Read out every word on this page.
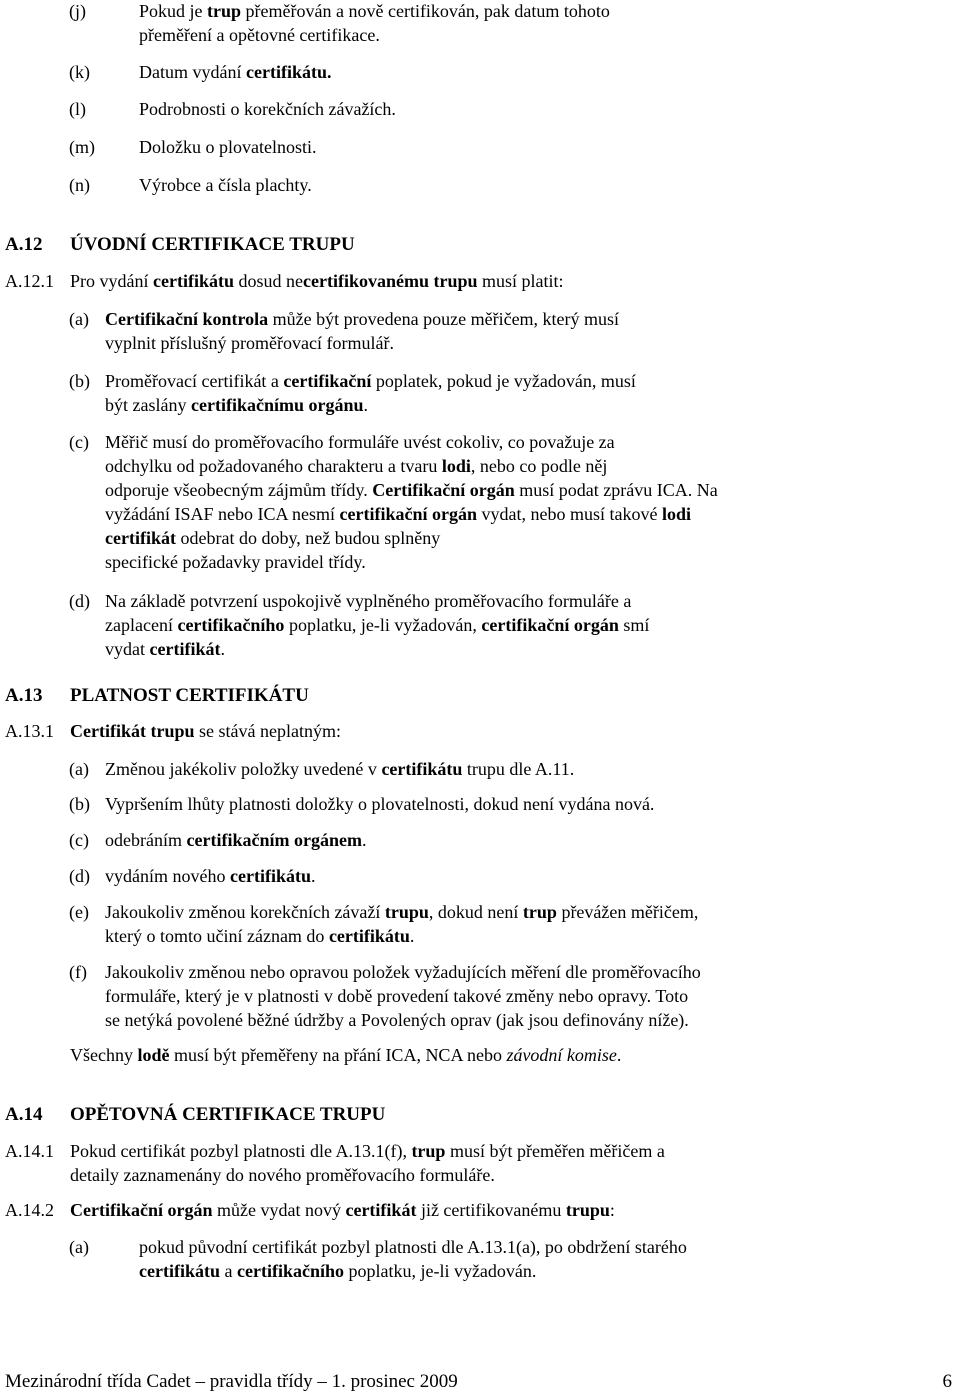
(j)	Pokud je trup přeměřován a nově certifikován, pak datum tohoto
přeměření a opětovné certifikace.
(k)	Datum vydání certifikátu.
(l)	Podrobnosti o korekčních závažích.
(m) Doložku o plovatelnosti.
(n)	Výrobce a čísla plachty.
A.12 ÚVODNÍ CERTIFIKACE TRUPU
A.12.1 Pro vydání certifikátu dosud necertifikovanému trupu musí platit:
(a) Certifikační kontrola může být provedena pouze měřičem, který musí
vyplnit příslušný proměřovací formulář.
(b) Proměřovací certifikát a certifikační poplatek, pokud je vyžadován, musí
být zaslány certifikačnímu orgánu.
(c) Měřič musí do proměřovacího formuláře uvést cokoliv, co považuje za
odchylku od požadovaného charakteru a tvaru lodi, nebo co podle něj
odporuje všeobecným zájmům třídy. Certifikační orgán musí podat zprávu ICA. Na
vyžádání ISAF nebo ICA nesmí certifikační orgán vydat, nebo musí takové lodi
certifikát odebrat do doby, než budou splněny
specifické požadavky pravidel třídy.
(d) Na základě potvrzení uspokojivě vyplněného proměřovacího formuláře a
zaplacení certifikačního poplatku, je-li vyžadován, certifikační orgán smí
vydat certifikát.
A.13 PLATNOST CERTIFIKÁTU
A.13.1 Certifikát trupu se stává neplatným:
(a) Změnou jakékoliv položky uvedené v certifikátu trupu dle A.11.
(b) Vypršením lhůty platnosti doložky o plovatelnosti, dokud není vydána nová.
(c) odebráním certifikačním orgánem.
(d) vydáním nového certifikátu.
(e) Jakoukoliv změnou korekčních závaží trupu, dokud není trup převážen měřičem,
který o tomto učiní záznam do certifikátu.
(f) Jakoukoliv změnou nebo opravou položek vyžadujících měření dle proměřovacího
formuláře, který je v platnosti v době provedení takové změny nebo opravy. Toto
se netýká povolené běžné údržby a Povolených oprav (jak jsou definovány níže).
Všechny lodě musí být přeměřeny na přání ICA, NCA nebo závodní komise.
A.14 OPĚTOVNÁ CERTIFIKACE TRUPU
A.14.1 Pokud certifikát pozbyl platnosti dle A.13.1(f), trup musí být přeměřen měřičem a
detaily zaznamenány do nového proměřovacího formuláře.
A.14.2 Certifikační orgán může vydat nový certifikát již certifikovanému trupu:
(a)	pokud původní certifikát pozbyl platnosti dle A.13.1(a), po obdržení starého
certifikátu a certifikačního poplatku, je-li vyžadován.
Mezinárodní třída Cadet – pravidla třídy – 1. prosinec 2009	6
